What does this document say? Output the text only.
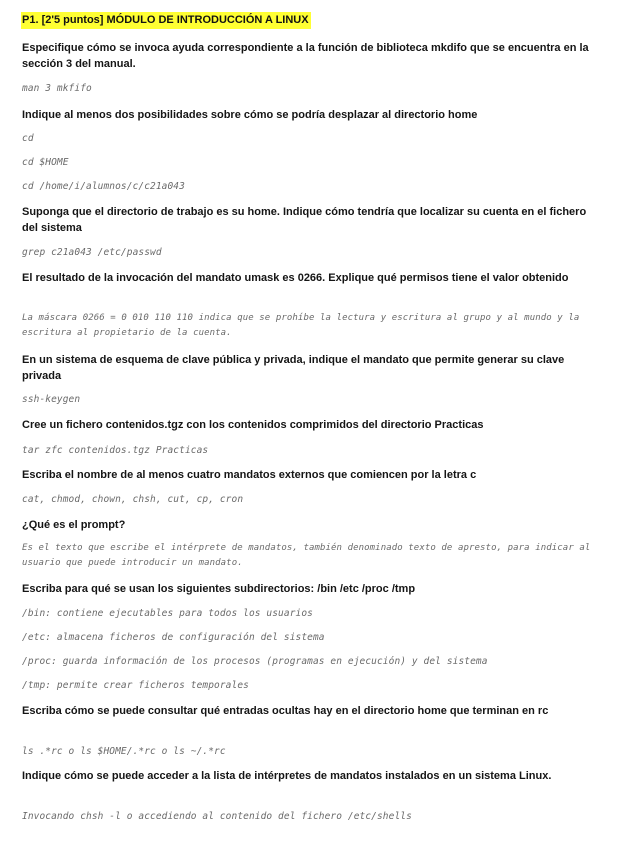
P1. [2'5 puntos] MÓDULO DE INTRODUCCIÓN A LINUX

Especifique cómo se invoca ayuda correspondiente a la función de biblioteca mkdifo que se encuentra en la sección 3 del manual.

man 3 mkfifo

Indique al menos dos posibilidades sobre cómo se podría desplazar al directorio home

cd

cd $HOME

cd /home/i/alumnos/c/c21a043

Suponga que el directorio de trabajo es su home. Indique cómo tendría que localizar su cuenta en el fichero del sistema

grep c21a043 /etc/passwd

El resultado de la invocación del mandato umask es 0266. Explique qué permisos tiene el valor obtenido

La máscara 0266 = 0 010 110 110 indica que se prohíbe la lectura y escritura al grupo y al mundo y la escritura al propietario de la cuenta.

En un sistema de esquema de clave pública y privada, indique el mandato que permite generar su clave privada

ssh-keygen

Cree un fichero contenidos.tgz con los contenidos comprimidos del directorio Practicas

tar zfc contenidos.tgz Practicas

Escriba el nombre de al menos cuatro mandatos externos que comiencen por la letra c

cat, chmod, chown, chsh, cut, cp, cron

¿Qué es el prompt?

Es el texto que escribe el intérprete de mandatos, también denominado texto de apresto, para indicar al usuario que puede introducir un mandato.

Escriba para qué se usan los siguientes subdirectorios: /bin /etc /proc /tmp

/bin: contiene ejecutables para todos los usuarios

/etc: almacena ficheros de configuración del sistema

/proc: guarda información de los procesos (programas en ejecución) y del sistema

/tmp: permite crear ficheros temporales

Escriba cómo se puede consultar qué entradas ocultas hay en el directorio home que terminan en rc

ls .*rc o ls $HOME/.*rc o ls ~/.*rc

Indique cómo se puede acceder a la lista de intérpretes de mandatos instalados en un sistema Linux.

Invocando chsh -l o accediendo al contenido del fichero /etc/shells
